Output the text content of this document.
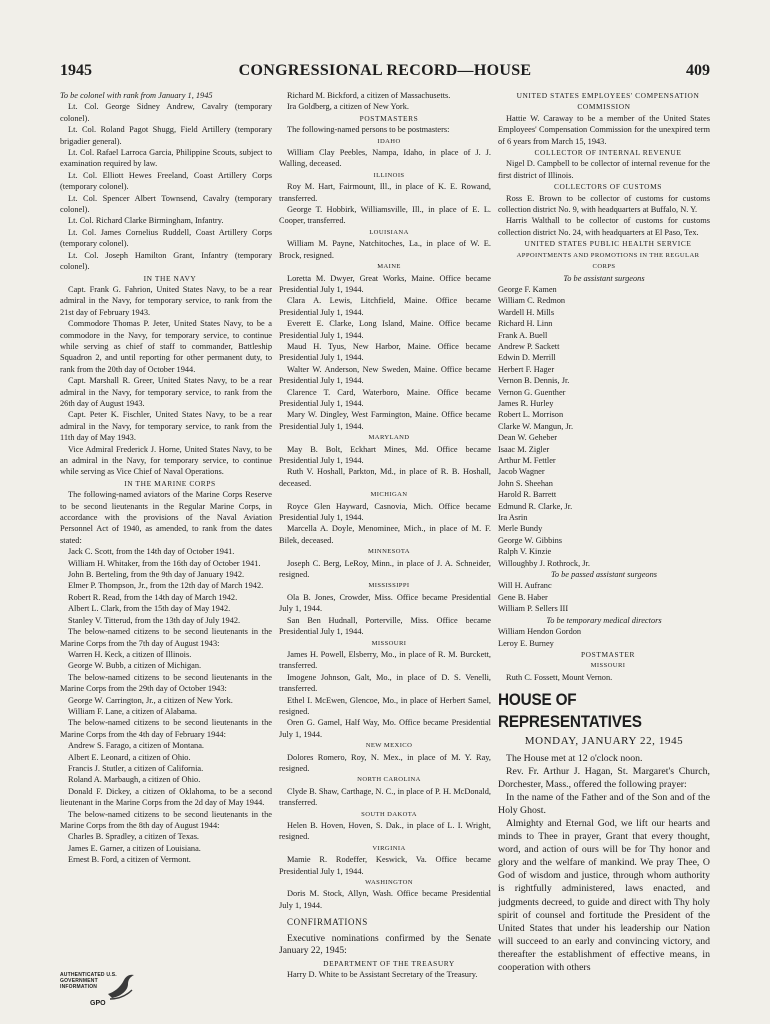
1945	CONGRESSIONAL RECORD—HOUSE	409

To be colonel with rank from January 1, 1945

Lt. Col. George Sidney Andrew, Cavalry (temporary colonel).

Lt. Col. Roland Pagot Shugg, Field Artillery (temporary brigadier general).

Lt. Col. Rafael Larroca Garcia, Philippine Scouts, subject to examination required by law.

Lt. Col. Elliott Hewes Freeland, Coast Artillery Corps (temporary colonel).

Lt. Col. Spencer Albert Townsend, Cavalry (temporary colonel).

Lt. Col. Richard Clarke Birmingham, Infantry.

Lt. Col. James Cornelius Ruddell, Coast Artillery Corps (temporary colonel).

Lt. Col. Joseph Hamilton Grant, Infantry (temporary colonel).

IN THE NAVY

Capt. Frank G. Fahrion, United States Navy, to be a rear admiral in the Navy, for temporary service, to rank from the 21st day of February 1943.

Commodore Thomas P. Jeter, United States Navy, to be a commodore in the Navy, for temporary service, to continue while serving as chief of staff to commander, Battleship Squadron 2, and until reporting for other permanent duty, to rank from the 20th day of October 1944.

Capt. Marshall R. Greer, United States Navy, to be a rear admiral in the Navy, for temporary service, to rank from the 26th day of August 1943.

Capt. Peter K. Fischler, United States Navy, to be a rear admiral in the Navy, for temporary service, to rank from the 11th day of May 1943.

Vice Admiral Frederick J. Horne, United States Navy, to be an admiral in the Navy, for temporary service, to continue while serving as Vice Chief of Naval Operations.

IN THE MARINE CORPS

The following-named aviators of the Marine Corps Reserve to be second lieutenants in the Regular Marine Corps, in accordance with the provisions of the Naval Aviation Personnel Act of 1940, as amended, to rank from the dates stated:

Jack C. Scott, from the 14th day of October 1941.

William H. Whitaker, from the 16th day of October 1941.

John B. Berteling, from the 9th day of January 1942.

Elmer P. Thompson, Jr., from the 12th day of March 1942.

Robert R. Read, from the 14th day of March 1942.

Albert L. Clark, from the 15th day of May 1942.

Stanley V. Titterud, from the 13th day of July 1942.

The below-named citizens to be second lieutenants in the Marine Corps from the 7th day of August 1943:

Warren H. Keck, a citizen of Illinois.

George W. Bubb, a citizen of Michigan.

The below-named citizens to be second lieutenants in the Marine Corps from the 29th day of October 1943:

George W. Carrington, Jr., a citizen of New York.

William F. Lane, a citizen of Alabama.

The below-named citizens to be second lieutenants in the Marine Corps from the 4th day of February 1944:

Andrew S. Farago, a citizen of Montana.

Albert E. Leonard, a citizen of Ohio.

Francis J. Stutler, a citizen of California.

Roland A. Marbaugh, a citizen of Ohio.

Donald F. Dickey, a citizen of Oklahoma, to be a second lieutenant in the Marine Corps from the 2d day of May 1944.

The below-named citizens to be second lieutenants in the Marine Corps from the 8th day of August 1944:

Charles B. Spradley, a citizen of Texas.

James E. Garner, a citizen of Louisiana.

Ernest B. Ford, a citizen of Vermont.

Richard M. Bickford, a citizen of Massachusetts.

Ira Goldberg, a citizen of New York.

POSTMASTERS

The following-named persons to be postmasters:

IDAHO

William Clay Peebles, Nampa, Idaho, in place of J. J. Walling, deceased.

ILLINOIS

Roy M. Hart, Fairmount, Ill., in place of K. E. Rowand, transferred.

George T. Hobbirk, Williamsville, Ill., in place of E. L. Cooper, transferred.

LOUISIANA

William M. Payne, Natchitoches, La., in place of W. E. Brock, resigned.

MAINE

Loretta M. Dwyer, Great Works, Maine. Office became Presidential July 1, 1944.

Clara A. Lewis, Litchfield, Maine. Office became Presidential July 1, 1944.

Everett E. Clarke, Long Island, Maine. Office became Presidential July 1, 1944.

Maud H. Tyus, New Harbor, Maine. Office became Presidential July 1, 1944.

Walter W. Anderson, New Sweden, Maine. Office became Presidential July 1, 1944.

Clarence T. Card, Waterboro, Maine. Office became Presidential July 1, 1944.

Mary W. Dingley, West Farmington, Maine. Office became Presidential July 1, 1944.

MARYLAND

May B. Bolt, Eckhart Mines, Md. Office became Presidential July 1, 1944.

Ruth V. Hoshall, Parkton, Md., in place of R. B. Hoshall, deceased.

MICHIGAN

Royce Glen Hayward, Casnovia, Mich. Office became Presidential July 1, 1944.

Marcella A. Doyle, Menominee, Mich., in place of M. F. Bilek, deceased.

MINNESOTA

Joseph C. Berg, LeRoy, Minn., in place of J. A. Schneider, resigned.

MISSISSIPPI

Ola B. Jones, Crowder, Miss. Office became Presidential July 1, 1944.

San Ben Hudnall, Porterville, Miss. Office became Presidential July 1, 1944.

MISSOURI

James H. Powell, Elsberry, Mo., in place of R. M. Burckett, transferred.

Imogene Johnson, Galt, Mo., in place of D. S. Venelli, transferred.

Ethel I. McEwen, Glencoe, Mo., in place of Herbert Samel, resigned.

Oren G. Gamel, Half Way, Mo. Office became Presidential July 1, 1944.

NEW MEXICO

Dolores Romero, Roy, N. Mex., in place of M. Y. Ray, resigned.

NORTH CAROLINA

Clyde B. Shaw, Carthage, N. C., in place of P. H. McDonald, transferred.

SOUTH DAKOTA

Helen B. Hoven, Hoven, S. Dak., in place of L. I. Wright, resigned.

VIRGINIA

Mamie R. Rodeffer, Keswick, Va. Office became Presidential July 1, 1944.

WASHINGTON

Doris M. Stock, Allyn, Wash. Office became Presidential July 1, 1944.

CONFIRMATIONS

Executive nominations confirmed by the Senate January 22, 1945:

DEPARTMENT OF THE TREASURY

Harry D. White to be Assistant Secretary of the Treasury.

UNITED STATES EMPLOYEES' COMPENSATION COMMISSION

Hattie W. Caraway to be a member of the United States Employees' Compensation Commission for the unexpired term of 6 years from March 15, 1943.

COLLECTOR OF INTERNAL REVENUE

Nigel D. Campbell to be collector of internal revenue for the first district of Illinois.

COLLECTORS OF CUSTOMS

Ross E. Brown to be collector of customs for customs collection district No. 9, with headquarters at Buffalo, N. Y.

Harris Walthall to be collector of customs for customs collection district No. 24, with headquarters at El Paso, Tex.

UNITED STATES PUBLIC HEALTH SERVICE

APPOINTMENTS AND PROMOTIONS IN THE REGULAR CORPS

To be assistant surgeons

George F. Kamen

William C. Redmon

Wardell H. Mills

Richard H. Linn

Frank A. Buell

Andrew P. Sackett

Edwin D. Merrill

Herbert F. Hager

Vernon B. Dennis, Jr.

Vernon G. Guenther

James R. Hurley

Robert L. Morrison

Clarke W. Mangun, Jr.

Dean W. Geheber

Isaac M. Zigler

Arthur M. Fettler

Jacob Wagner

John S. Sheehan

Harold R. Barrett

Edmund R. Clarke, Jr.

Ira Asrin

Merle Bundy

George W. Gibbins

Ralph V. Kinzie

Willoughby J. Rothrock, Jr.

To be passed assistant surgeons

Will H. Aufranc

Gene B. Haber

William P. Sellers III

To be temporary medical directors

William Hendon Gordon

Leroy E. Burney

POSTMASTER

MISSOURI

Ruth C. Fossett, Mount Vernon.

HOUSE OF REPRESENTATIVES
MONDAY, JANUARY 22, 1945

The House met at 12 o'clock noon.

Rev. Fr. Arthur J. Hagan, St. Margaret's Church, Dorchester, Mass., offered the following prayer:

In the name of the Father and of the Son and of the Holy Ghost.

Almighty and Eternal God, we lift our hearts and minds to Thee in prayer, Grant that every thought, word, and action of ours will be for Thy honor and glory and the welfare of mankind. We pray Thee, O God of wisdom and justice, through whom authority is rightfully administered, laws enacted, and judgments decreed, to guide and direct with Thy holy spirit of counsel and fortitude the President of the United States that under his leadership our Nation will succeed to an early and convincing victory, and thereafter the establishment of effective means, in cooperation with others

AUTHENTICATED U.S. GOVERNMENT INFORMATION
GPO
